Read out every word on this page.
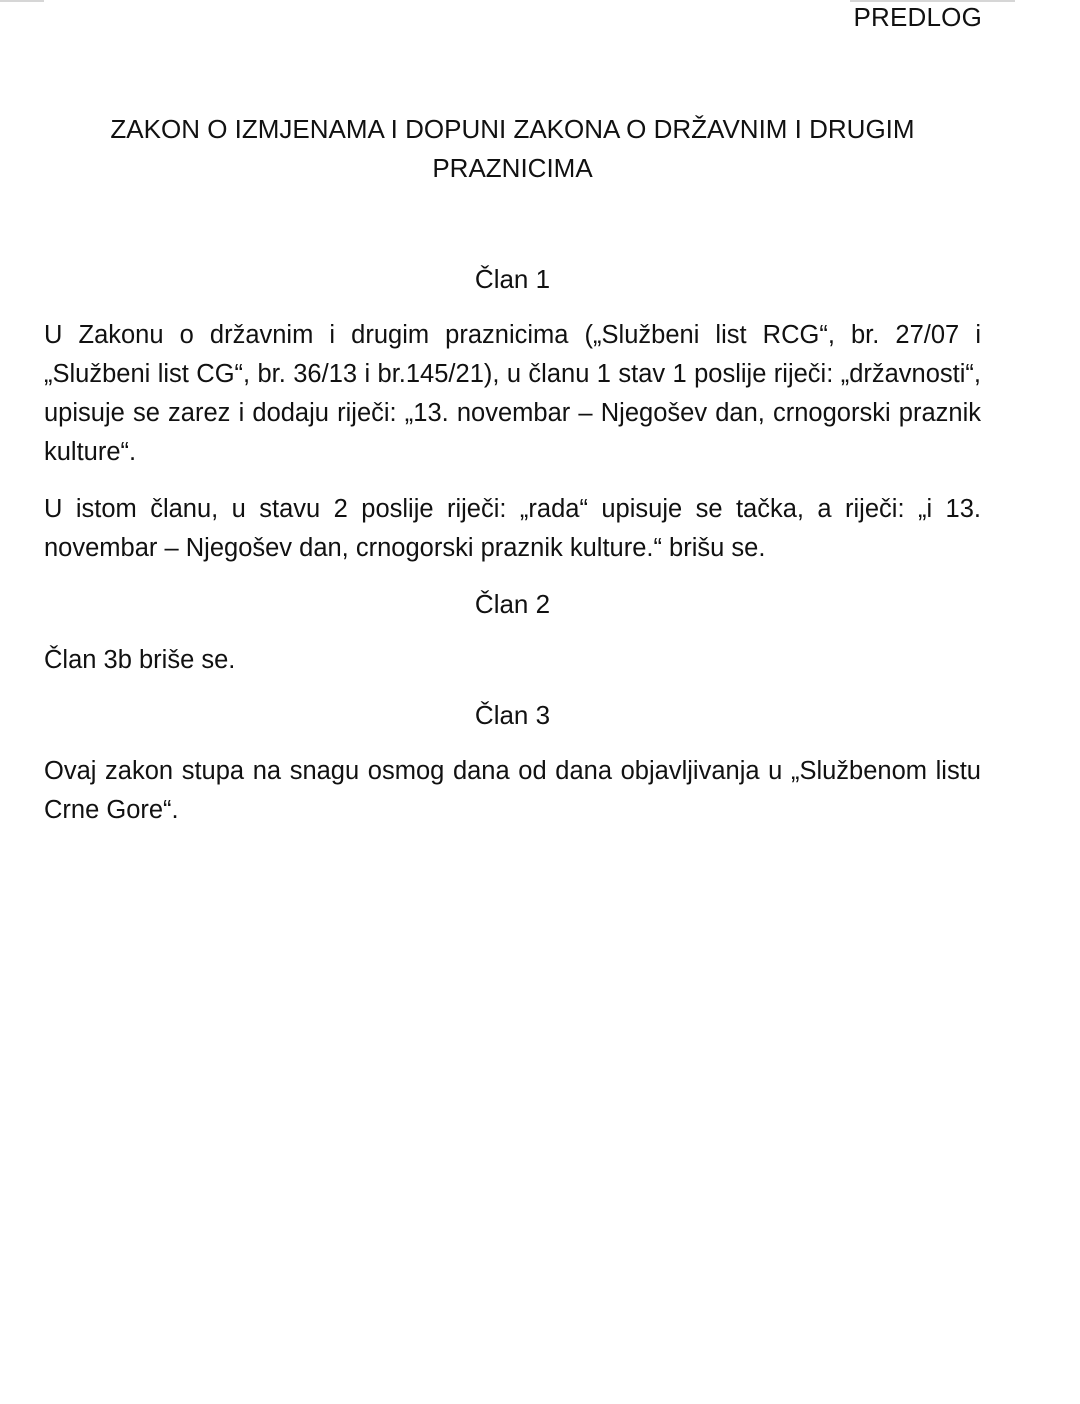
PREDLOG
ZAKON O IZMJENAMA I DOPUNI ZAKONA O DRŽAVNIM I DRUGIM PRAZNICIMA
Član 1

U Zakonu o državnim i drugim praznicima („Službeni list RCG“, br. 27/07 i „Službeni list CG“, br. 36/13 i br.145/21), u članu 1 stav 1 poslije riječi: „državnosti“, upisuje se zarez i dodaju riječi: „13. novembar – Njegošev dan, crnogorski praznik kulture“.

U istom članu, u stavu 2 poslije riječi: „rada“ upisuje se tačka, a riječi: „i 13. novembar – Njegošev dan, crnogorski praznik kulture.“ brišu se.

Član 2

Član 3b briše se.

Član 3

Ovaj zakon stupa na snagu osmog dana od dana objavljivanja u „Službenom listu Crne Gore“.
